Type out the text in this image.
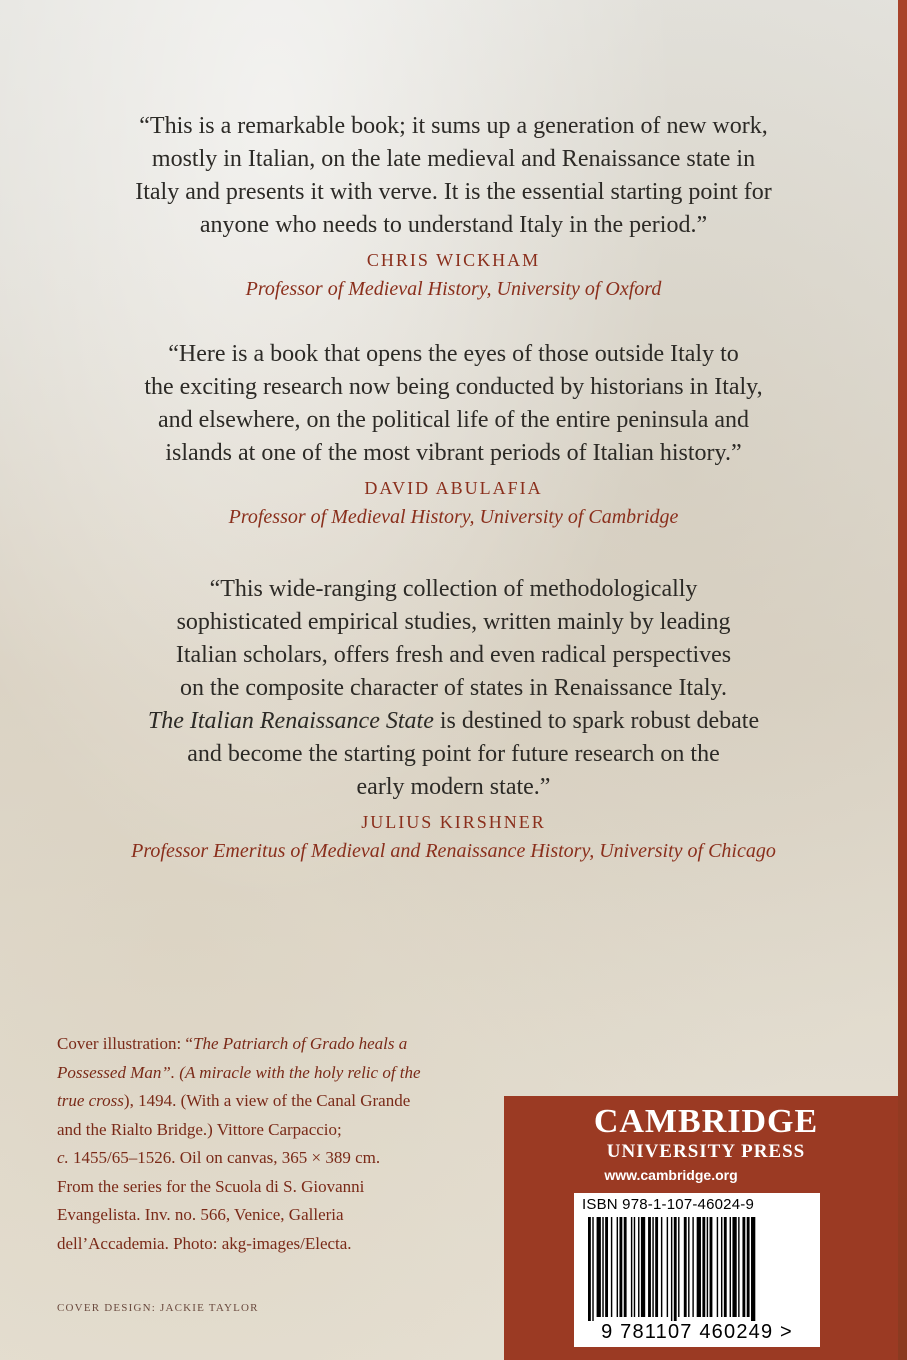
“This is a remarkable book; it sums up a generation of new work,
mostly in Italian, on the late medieval and Renaissance state in
Italy and presents it with verve. It is the essential starting point for
anyone who needs to understand Italy in the period.”

CHRIS WICKHAM
Professor of Medieval History, University of Oxford

“Here is a book that opens the eyes of those outside Italy to
the exciting research now being conducted by historians in Italy,
and elsewhere, on the political life of the entire peninsula and
islands at one of the most vibrant periods of Italian history.”

DAVID ABULAFIA
Professor of Medieval History, University of Cambridge

“This wide-ranging collection of methodologically
sophisticated empirical studies, written mainly by leading
Italian scholars, offers fresh and even radical perspectives
on the composite character of states in Renaissance Italy.
The Italian Renaissance State is destined to spark robust debate
and become the starting point for future research on the
early modern state.”

JULIUS KIRSHNER
Professor Emeritus of Medieval and Renaissance History, University of Chicago
Cover illustration: “The Patriarch of Grado heals a
Possessed Man”. (A miracle with the holy relic of the
true cross), 1494. (With a view of the Canal Grande
and the Rialto Bridge.) Vittore Carpaccio;
c. 1455/65–1526. Oil on canvas, 365 × 389 cm.
From the series for the Scuola di S. Giovanni
Evangelista. Inv. no. 566, Venice, Galleria
dell’Accademia. Photo: akg-images/Electa.
COVER DESIGN: JACKIE TAYLOR
CAMBRIDGE
UNIVERSITY PRESS
www.cambridge.org
ISBN 978-1-107-46024-9
9 781107 460249 >
